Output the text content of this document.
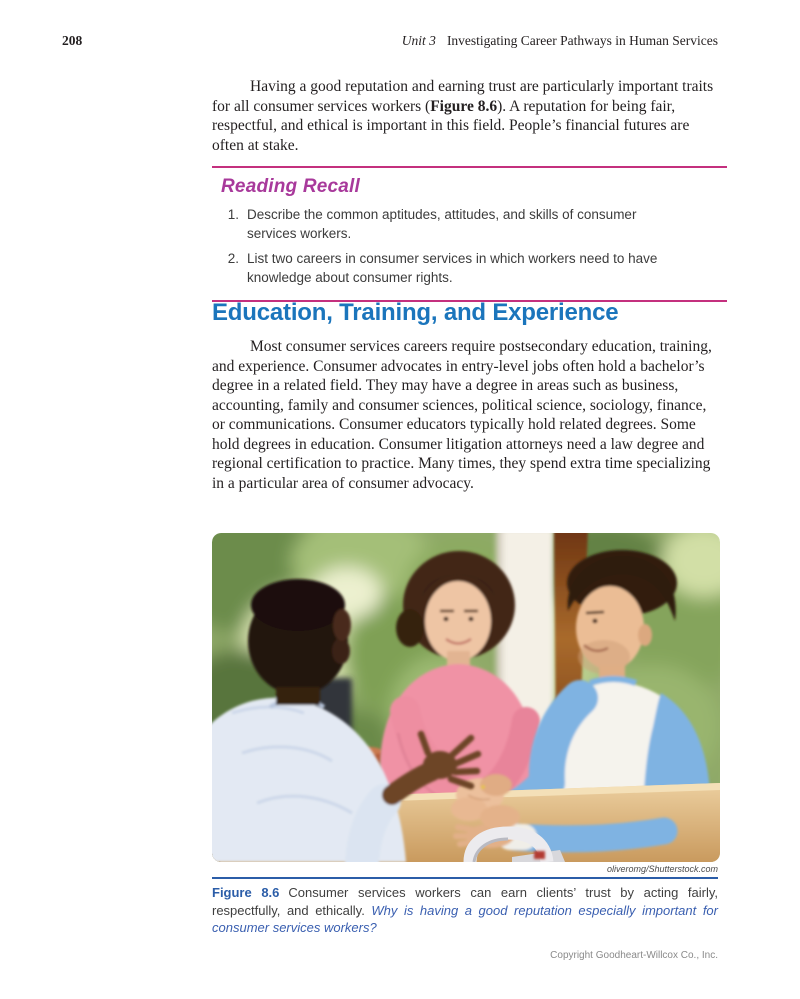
208	Unit 3 Investigating Career Pathways in Human Services

Having a good reputation and earning trust are particularly important traits for all consumer services workers (Figure 8.6). A reputation for being fair, respectful, and ethical is important in this field. People’s financial futures are often at stake.

Reading Recall
1. Describe the common aptitudes, attitudes, and skills of consumer services workers.
2. List two careers in consumer services in which workers need to have knowledge about consumer rights.
Education, Training, and Experience

Most consumer services careers require postsecondary education, training, and experience. Consumer advocates in entry-level jobs often hold a bachelor’s degree in a related field. They may have a degree in areas such as business, accounting, family and consumer sciences, political science, sociology, finance, or communications. Consumer educators typically hold related degrees. Some hold degrees in education. Consumer litigation attorneys need a law degree and regional certification to practice. Many times, they spend extra time specializing in a particular area of consumer advocacy.

oliveromg/Shutterstock.com
Figure 8.6 Consumer services workers can earn clients’ trust by acting fairly, respectfully, and ethically. Why is having a good reputation especially important for consumer services workers?
Copyright Goodheart-Willcox Co., Inc.
